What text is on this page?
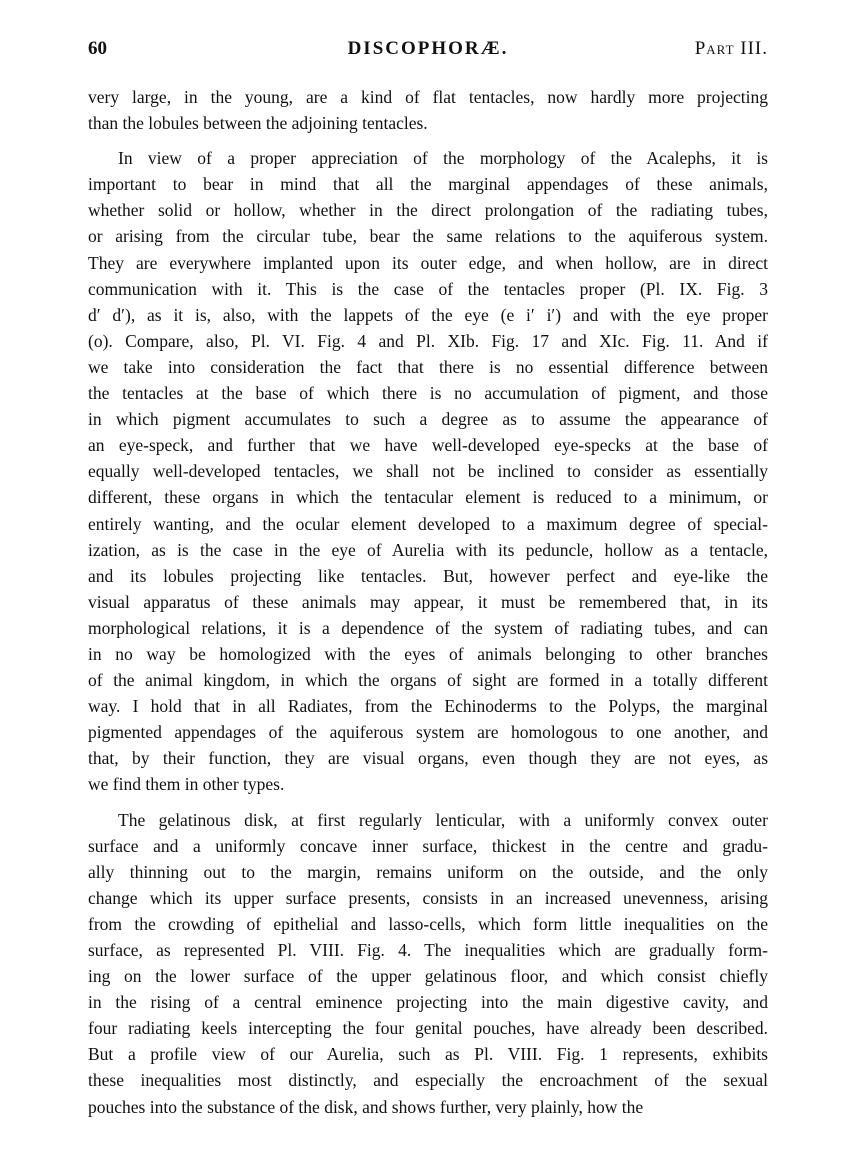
60	DISCOPHORÆ.	Part III.
very large, in the young, are a kind of flat tentacles, now hardly more projecting
than the lobules between the adjoining tentacles.
In view of a proper appreciation of the morphology of the Acalephs, it is
important to bear in mind that all the marginal appendages of these animals,
whether solid or hollow, whether in the direct prolongation of the radiating tubes,
or arising from the circular tube, bear the same relations to the aquiferous system.
They are everywhere implanted upon its outer edge, and when hollow, are in direct
communication with it. This is the case of the tentacles proper (Pl. IX. Fig. 3
d′ d′), as it is, also, with the lappets of the eye (e i′ i′) and with the eye proper
(o). Compare, also, Pl. VI. Fig. 4 and Pl. XIb. Fig. 17 and XIc. Fig. 11. And if
we take into consideration the fact that there is no essential difference between
the tentacles at the base of which there is no accumulation of pigment, and those
in which pigment accumulates to such a degree as to assume the appearance of
an eye-speck, and further that we have well-developed eye-specks at the base of
equally well-developed tentacles, we shall not be inclined to consider as essentially
different, these organs in which the tentacular element is reduced to a minimum, or
entirely wanting, and the ocular element developed to a maximum degree of special-
ization, as is the case in the eye of Aurelia with its peduncle, hollow as a tentacle,
and its lobules projecting like tentacles. But, however perfect and eye-like the
visual apparatus of these animals may appear, it must be remembered that, in its
morphological relations, it is a dependence of the system of radiating tubes, and can
in no way be homologized with the eyes of animals belonging to other branches
of the animal kingdom, in which the organs of sight are formed in a totally different
way. I hold that in all Radiates, from the Echinoderms to the Polyps, the marginal
pigmented appendages of the aquiferous system are homologous to one another, and
that, by their function, they are visual organs, even though they are not eyes, as
we find them in other types.
The gelatinous disk, at first regularly lenticular, with a uniformly convex outer
surface and a uniformly concave inner surface, thickest in the centre and gradu-
ally thinning out to the margin, remains uniform on the outside, and the only
change which its upper surface presents, consists in an increased unevenness, arising
from the crowding of epithelial and lasso-cells, which form little inequalities on the
surface, as represented Pl. VIII. Fig. 4. The inequalities which are gradually form-
ing on the lower surface of the upper gelatinous floor, and which consist chiefly
in the rising of a central eminence projecting into the main digestive cavity, and
four radiating keels intercepting the four genital pouches, have already been described.
But a profile view of our Aurelia, such as Pl. VIII. Fig. 1 represents, exhibits
these inequalities most distinctly, and especially the encroachment of the sexual
pouches into the substance of the disk, and shows further, very plainly, how the
